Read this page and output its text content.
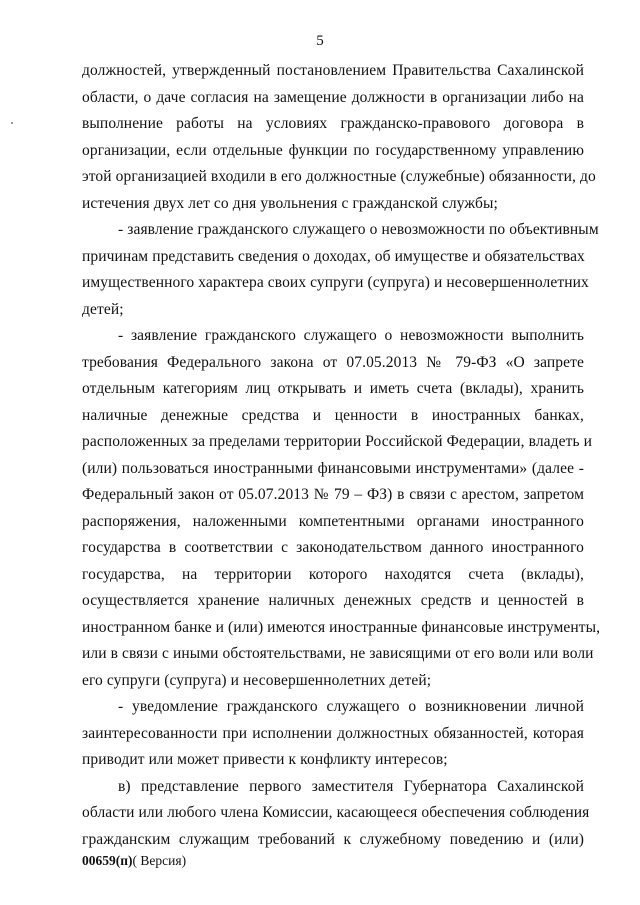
5
должностей, утвержденный постановлением Правительства Сахалинской
области, о даче согласия на замещение должности в организации либо на
выполнение работы на условиях гражданско-правового договора в
организации, если отдельные функции по государственному управлению
этой организацией входили в его должностные (служебные) обязанности, до
истечения двух лет со дня увольнения с гражданской службы;
- заявление гражданского служащего о невозможности по объективным
причинам представить сведения о доходах, об имуществе и обязательствах
имущественного характера своих супруги (супруга) и несовершеннолетних
детей;
- заявление гражданского служащего о невозможности выполнить
требования Федерального закона от 07.05.2013 № 79-ФЗ «О запрете
отдельным категориям лиц открывать и иметь счета (вклады), хранить
наличные денежные средства и ценности в иностранных банках,
расположенных за пределами территории Российской Федерации, владеть и
(или) пользоваться иностранными финансовыми инструментами» (далее -
Федеральный закон от 05.07.2013 № 79 – ФЗ) в связи с арестом, запретом
распоряжения, наложенными компетентными органами иностранного
государства в соответствии с законодательством данного иностранного
государства, на территории которого находятся счета (вклады),
осуществляется хранение наличных денежных средств и ценностей в
иностранном банке и (или) имеются иностранные финансовые инструменты,
или в связи с иными обстоятельствами, не зависящими от его воли или воли
его супруги (супруга) и несовершеннолетних детей;
- уведомление гражданского служащего о возникновении личной
заинтересованности при исполнении должностных обязанностей, которая
приводит или может привести к конфликту интересов;
в) представление первого заместителя Губернатора Сахалинской
области или любого члена Комиссии, касающееся обеспечения соблюдения
гражданским служащим требований к служебному поведению и (или)
00659(п)( Версия)
